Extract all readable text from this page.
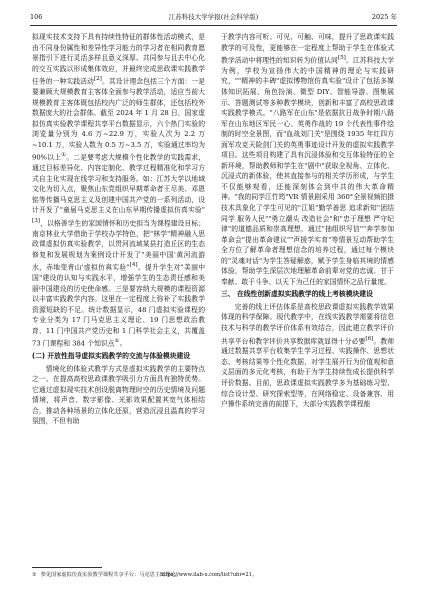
106	江苏科技大学学报(社会科学版)	2025 年

拟现实技术支持下具有持续性特征的群体性活动模式，是由不同身份属性和差异性学习能力的学习者在相同教育愿景指引下进行灵活多样且意义深厚、共同参与且去中心化的交互实践以形成集体效应，并最终完成思政课实践教学任务的一种实践活动[2]。其设计理念包括三个方面：一是要兼顾大规模教育主客体全面参与教学活动，适应当前大规模教育主客体既包括校内广泛的师生群体，还包括校外数据庞大的社会群体。截至 2024 年 1 月 28 日，国家虚拟仿真实验教学课程共享平台数据显示，六个热门实验的浏览量分别为 4.6 万~22.9 万，实验人次为 2.2 万~10.1 万，实验人数为 0.5 万~3.5 万，实验通过率均为 90%以上①。二是要考虑大规模个性化教学的实践需求，通过目标差异化、内容定制化、教学过程精准化和学习方式自主化实现在线学习和支持服务。如：江苏大学以地域文化为切入点，聚焦山东党组织早期革命者王尽美、邓恩铭等传播马克思主义及创建中国共产党的一系列活动，设计开发了"童届马克思主义在山东早期传播虚拟仿真实验"[3]，以格善学生的家国情怀和历史担当为课程建设目标；南京林业大学借助于学校办学特色，把"林学"精神融入思政课虚拟仿真实验教学，以贯河流域某县打造丘区的生态修复和发展规划为案例设计开发了"美丽中国'黄河流游水，赤地变青山'虚拟仿真实验"[4]。提升学生对"美丽中国"建设的认知与实践水平，增强学生的生态责任感和美丽中国建设的历史使命感。三是要容纳大规模的课程资源以丰富实践教学内容。这里在一定程度上弥补了实践教学资源短缺的不足。统计数据显示，48 门虚拟实验课程的专业分类为 17 门马克思主义理论、19 门思想政治教育、11 门中国共产党历史和 1 门科学社会主义，共覆盖 73 门课程和 384 个知识点①。

(二) 开放性指导虚拟实践教学的交流与体验模块建设

情境化的体验式教学方式是虚拟实践教学的主要特点之一。在提高高校思政课教学吸引力方面具有独特优势。它通过虚拟现实技术创设脱离物理时空的历史情境及问题情境，将声音、数字影像、光影效果配置其宽气体相结合，推动各种场景的立体化还原，营造沉浸且温真的学习氛围，不但有助

于教学内容可听、可见、可触、可味，提升了思政课实践教学的可及性，更能够在一定程度上帮助于学生在体验式教学活动中将理性的知识转为价值认同[5]。江苏科技大学为例，学校为宣扬伟大的中国精神的理论与实践研究，""精神的丰碑"虚拟博物馆仿真实验"设计了包括多媒体知识拓展、角色扮演、微型 DIY、智能导游、图集展示、答题测试等多种教学模块，创新和丰富了高校思政课实践教学模式。"八路军在山东"是依据抗日战争时期八路军在山东地区军民一心、英勇作战的 19 个代表性事件绘制的时空全景图，而"血战刘门关"是围绕 1935 年红四方面军攻克天险剑门关的英勇事迹设计开发的虚拟实践教学项目。这些项目构建了具有沉浸体验和交互体验特征的全新环境，帮助教师和学生在"剧中"获取全视角、立体化、沉浸式的新体验，使其直接参与的相关学历形成，与学生不仅能够观看，还能深刻体会到中共的伟大革命精神。"我的同学江竹筠"VR 情景剧采用 360°全景视频拍摄技术具象化了学生可见的"江姐"勤学善思 追求新知"团结同学 服务人民""勇立潮头 改造社会"和"忠于理想 严守纪律"的道德品质和崇高理想，通过"抽组织写信""奔学参加革命会"提出革命建议""声援学实育"等情景互动帮助学生全方位了解革命者理想信念的培养过程，通过每个模块的"灵魂对话"为学生答疑解惑，赋予学生身临其境的情感体验，帮助学生深层次地理解革命前辈对党的忠诚、甘于奉献、敢于斗争、以天下为己任的家国情怀之品行量度。

三、 在线性创新虚拟实践教学的线上考核模块建设

完善的线上评估体系是高校思政课虚拟实践教学效果体现的科学保障。现代教学中，在线实践教学需要将信息技术与科学的教学评价体系有效结合，因此建立教学评价共享平台和教学评价共享数据库就显得十分必要[6]。教师通过数据共享平台收集学生学习过程、实践操作、思想状态、考核结果等个性化数据，对学生展开行为价值观和意义层面的多元化考核，有助于为学生持续性成长提供科学评价数据。目前，思政课虚拟实践教学多为基础练习型、综合设计型、研究探索型等，在网络稳定、设备兼容、用户操作系统完善的前提下，大部分实践教学课程能

① 参见国家虚拟仿真实验教学课程共享平台：马克思主义理论。
https://www.ilab-x.com/list?ubi=21。
